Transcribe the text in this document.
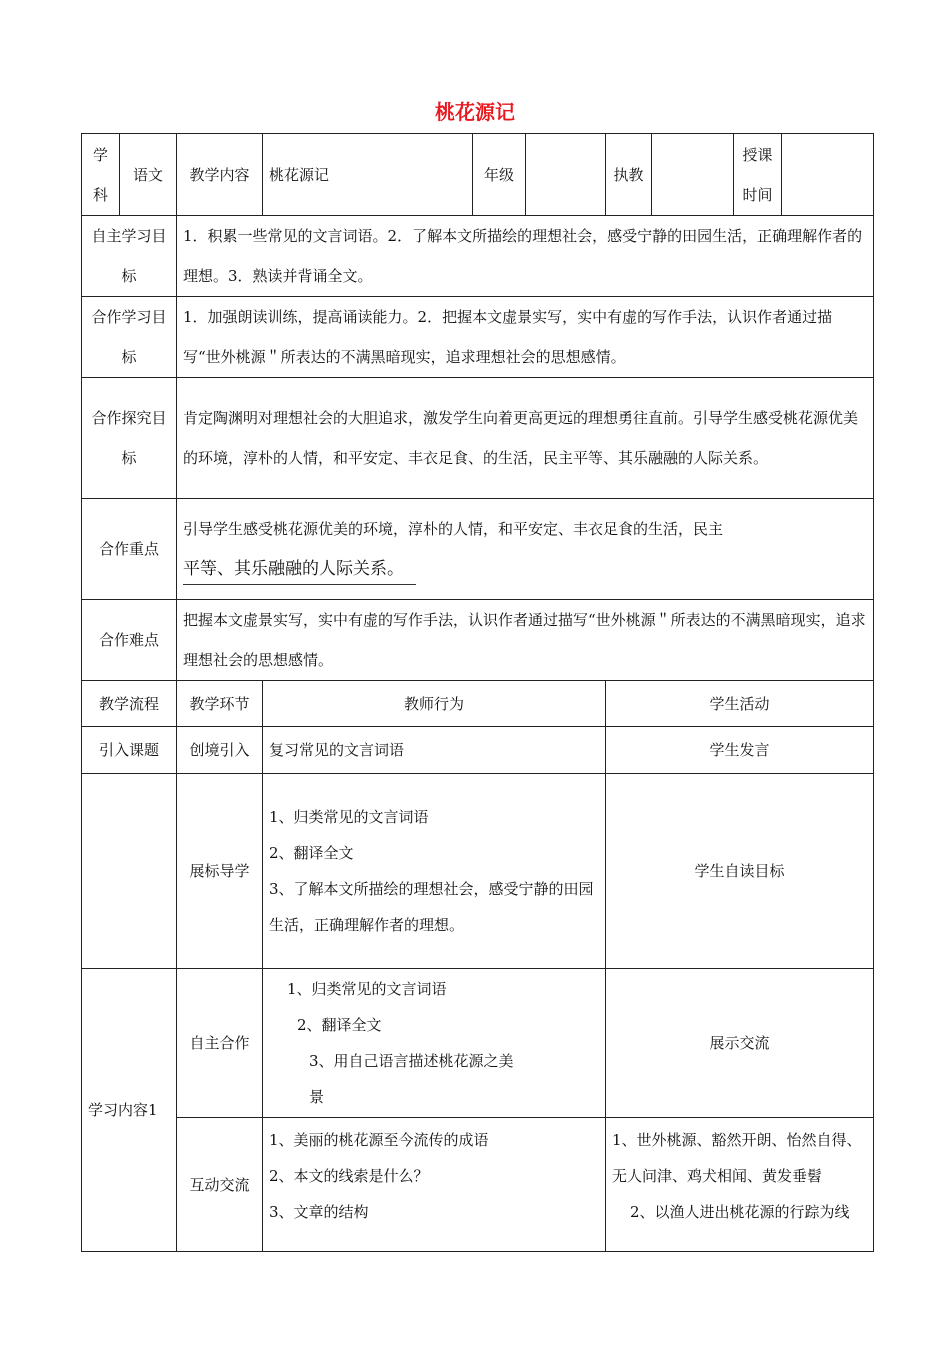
桃花源记
学科	语文	教学内容	桃花源记	年级		执教		授课时间	
自主学习目标		1．积累一些常见的文言词语。2．了解本文所描绘的理想社会，感受宁静的田园生活，正确理解作者的理想。3．熟读并背诵全文。							
合作学习目标		1．加强朗读训练，提高诵读能力。2．把握本文虚景实写，实中有虚的写作手法，认识作者通过描写“世外桃源＂所表达的不满黑暗现实，追求理想社会的思想感情。							
合作探究目标		肯定陶渊明对理想社会的大胆追求，激发学生向着更高更远的理想勇往直前。引导学生感受桃花源优美的环境，淳朴的人情，和平安定、丰衣足食、的生活，民主平等、其乐融融的人际关系。							
合作重点		引导学生感受桃花源优美的环境，淳朴的人情，和平安定、丰衣足食的生活，民主
平等、其乐融融的人际关系。							
合作难点		把握本文虚景实写，实中有虚的写作手法，认识作者通过描写“世外桃源＂所表达的不满黑暗现实，追求理想社会的思想感情。							
教学流程		教学环节	教师行为			学生活动			
引入课题		创境引入	复习常见的文言词语			学生发言			
		展标导学	1、归类常见的文言词语
2、翻译全文
3、了解本文所描绘的理想社会，感受宁静的田园生活，正确理解作者的理想。			学生自读目标			
学习内容1		自主合作	1、归类常见的文言词语
2、翻译全文
3、用自己语言描述桃花源之美
景			展示交流			
		互动交流	1、美丽的桃花源至今流传的成语
2、本文的线索是什么？
3、文章的结构			1、世外桃源、豁然开朗、怡然自得、无人问津、鸡犬相闻、黄发垂髫
2、以渔人进出桃花源的行踪为线			
